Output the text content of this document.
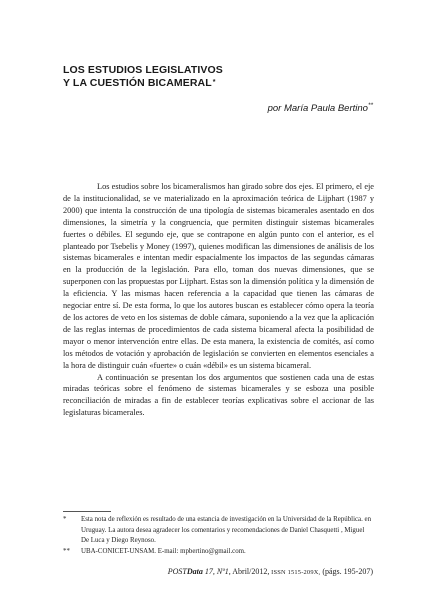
LOS ESTUDIOS LEGISLATIVOS
Y LA CUESTIÓN BICAMERAL*
por María Paula Bertino**

Los estudios sobre los bicameralismos han girado sobre dos ejes. El primero, el eje de la institucionalidad, se ve materializado en la aproximación teórica de Lijphart (1987 y 2000) que intenta la construcción de una tipología de sistemas bicamerales asentado en dos dimensiones, la simetría y la congruencia, que permiten distinguir sistemas bicamerales fuertes o débiles. El segundo eje, que se contrapone en algún punto con el anterior, es el planteado por Tsebelis y Money (1997), quienes modifican las dimensiones de análisis de los sistemas bicamerales e intentan medir espacialmente los impactos de las segundas cámaras en la producción de la legislación. Para ello, toman dos nuevas dimensiones, que se superponen con las propuestas por Lijphart. Estas son la dimensión política y la dimensión de la eficiencia. Y las mismas hacen referencia a la capacidad que tienen las cámaras de negociar entre sí. De esta forma, lo que los autores buscan es establecer cómo opera la teoría de los actores de veto en los sistemas de doble cámara, suponiendo a la vez que la aplicación de las reglas internas de procedimientos de cada sistema bicameral afecta la posibilidad de mayor o menor intervención entre ellas. De esta manera, la existencia de comités, así como los métodos de votación y aprobación de legislación se convierten en elementos esenciales a la hora de distinguir cuán «fuerte» o cuán «débil» es un sistema bicameral.

A continuación se presentan los dos argumentos que sostienen cada una de estas miradas teóricas sobre el fenómeno de sistemas bicamerales y se esboza una posible reconciliación de miradas a fin de establecer teorías explicativas sobre el accionar de las legislaturas bicamerales.

* Esta nota de reflexión es resultado de una estancia de investigación en la Universidad de la República. en Uruguay. La autora desea agradecer los comentarios y recomendaciones de Daniel Chasquetti , Miguel De Luca y Diego Reynoso.
** UBA-CONICET-UNSAM. E-mail: mpbertino@gmail.com.
POSTData 17, Nº1, Abril/2012, ISSN 1515-209X, (págs. 195-207)
